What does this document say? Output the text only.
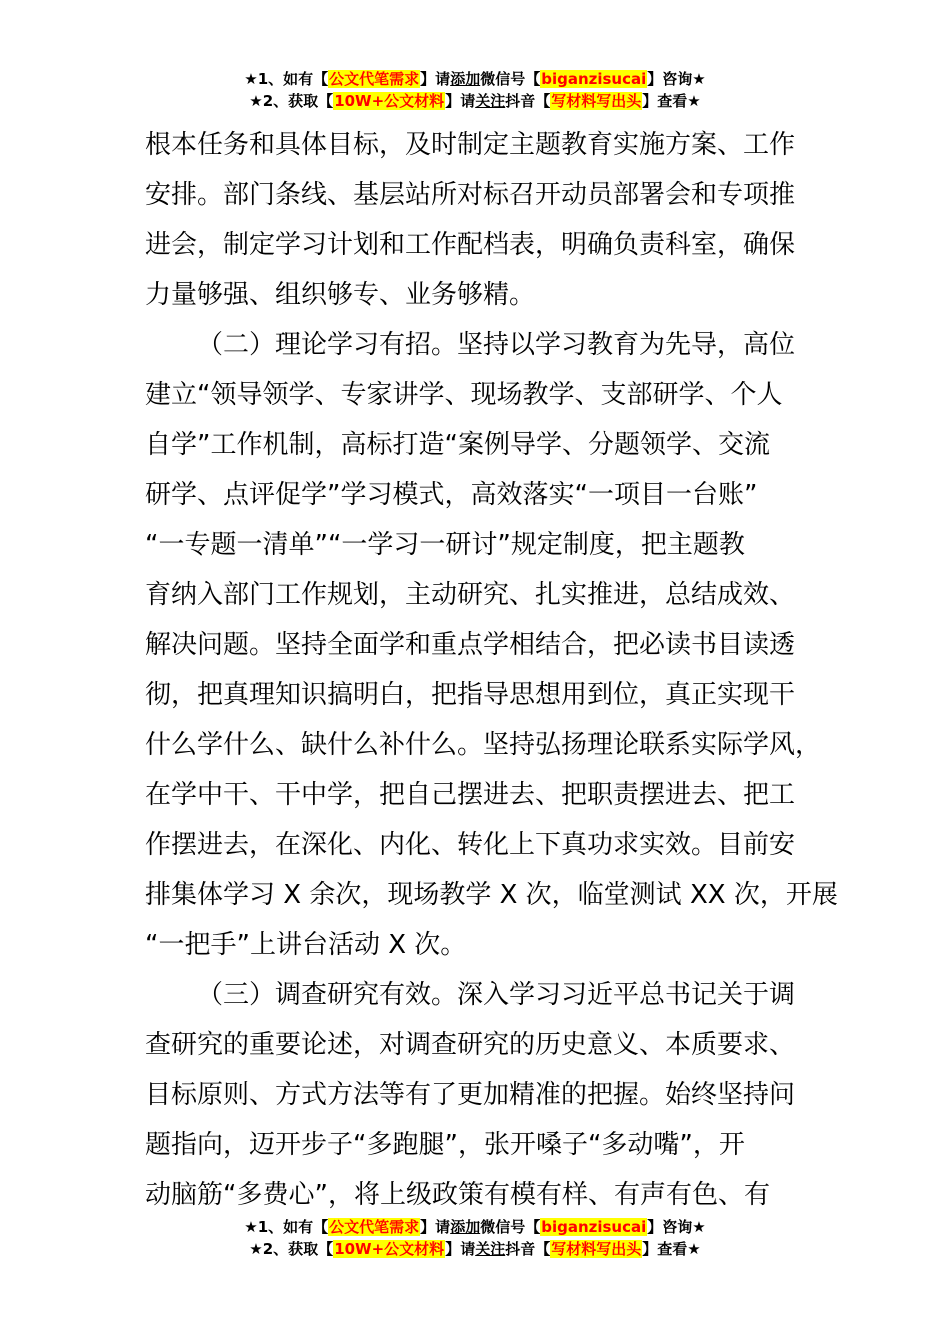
★1、如有【公文代笔需求】请添加微信号【biganzisucai】咨询★
★2、获取【10W+公文材料】请关注抖音【写材料写出头】查看★

根本任务和具体目标，及时制定主题教育实施方案、工作
安排。部门条线、基层站所对标召开动员部署会和专项推
进会，制定学习计划和工作配档表，明确负责科室，确保
力量够强、组织够专、业务够精。

（二）理论学习有招。坚持以学习教育为先导，高位
建立“领导领学、专家讲学、现场教学、支部研学、个人
自学”工作机制，高标打造“案例导学、分题领学、交流
研学、点评促学”学习模式，高效落实“一项目一台账”
“一专题一清单”“一学习一研讨”规定制度，把主题教
育纳入部门工作规划，主动研究、扎实推进，总结成效、
解决问题。坚持全面学和重点学相结合，把必读书目读透
彻，把真理知识搞明白，把指导思想用到位，真正实现干
什么学什么、缺什么补什么。坚持弘扬理论联系实际学风，
在学中干、干中学，把自己摆进去、把职责摆进去、把工
作摆进去，在深化、内化、转化上下真功求实效。目前安
排集体学习 X 余次，现场教学 X 次，临堂测试 XX 次，开展
“一把手”上讲台活动 X 次。

（三）调查研究有效。深入学习习近平总书记关于调
查研究的重要论述，对调查研究的历史意义、本质要求、
目标原则、方式方法等有了更加精准的把握。始终坚持问
题指向，迈开步子“多跑腿”，张开嗓子“多动嘴”，开
动脑筋“多费心”，将上级政策有模有样、有声有色、有

★1、如有【公文代笔需求】请添加微信号【biganzisucai】咨询★
★2、获取【10W+公文材料】请关注抖音【写材料写出头】查看★
